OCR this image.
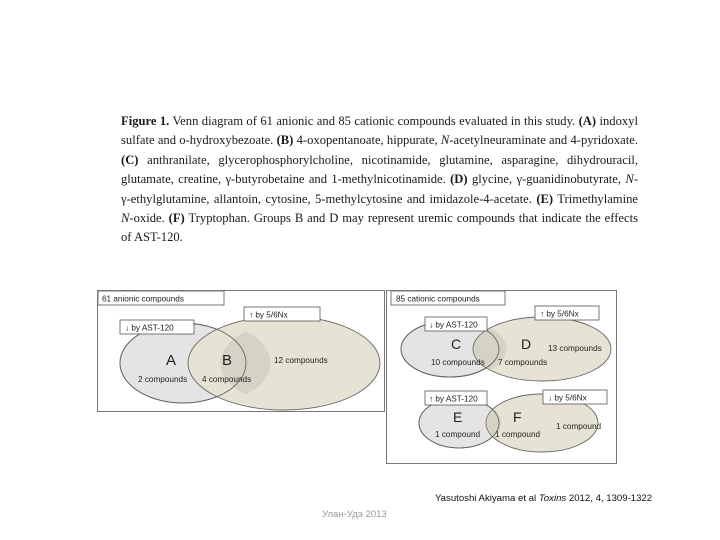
Figure 1. Venn diagram of 61 anionic and 85 cationic compounds evaluated in this study. (A) indoxyl sulfate and o-hydroxybezoate. (B) 4-oxopentanoate, hippurate, N-acetylneuraminate and 4-pyridoxate. (C) anthranilate, glycerophosphorylcholine, nicotinamide, glutamine, asparagine, dihydrouracil, glutamate, creatine, γ-butyrobetaine and 1-methylnicotinamide. (D) glycine, γ-guanidinobutyrate, N-γ-ethylglutamine, allantoin, cytosine, 5-methylcytosine and imidazole-4-acetate. (E) Trimethylamine N-oxide. (F) Tryptophan. Groups B and D may represent uremic compounds that indicate the effects of AST-120.
61 anionic compounds
↓ by AST-120
↑ by 5/6Nx
A	B
2 compounds 4 compounds
12 compounds
85 cationic compounds
↓ by AST-120
↑ by 5/6Nx
C	D
10 compounds 7 compounds
13 compounds
↑ by AST-120	↓ by 5/6Nx
E	F
1 compound 1 compound
1 compound
Yasutoshi Akiyama et al Toxins 2012, 4, 1309-1322
Улан-Удэ 2013
